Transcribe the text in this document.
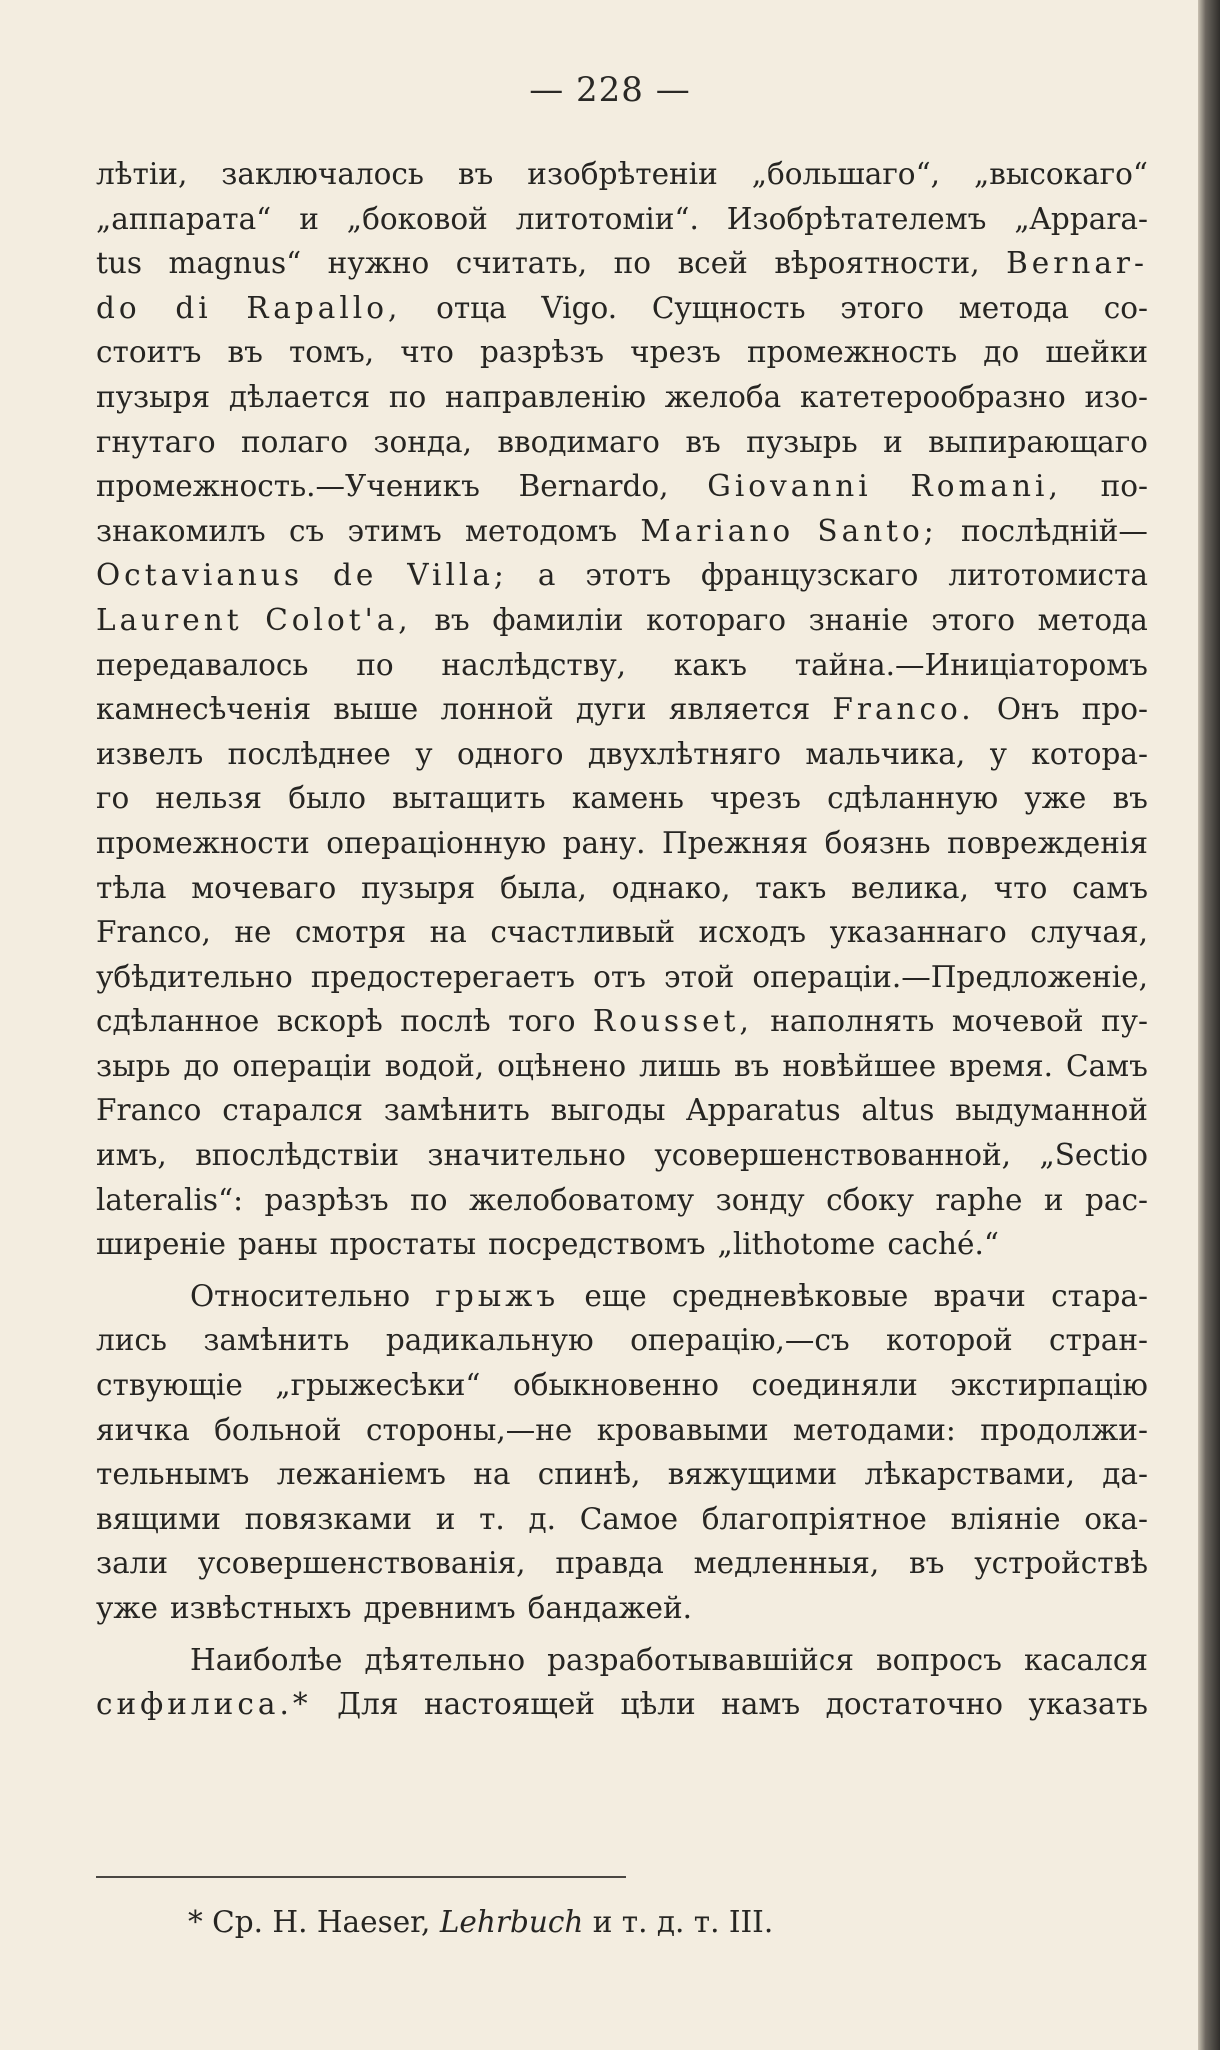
— 228 —
лѣтіи, заключалось въ изобрѣтеніи „большаго“, „высокаго“
„аппарата“ и „боковой литотоміи“. Изобрѣтателемъ „Appara-
tus magnus“ нужно считать, по всей вѣроятности, Bernar-
do di Rapallo, отца Vigo. Сущность этого метода со-
стоитъ въ томъ, что разрѣзъ чрезъ промежность до шейки
пузыря дѣлается по направленію желоба катетерообразно изо-
гнутаго полаго зонда, вводимаго въ пузырь и выпирающаго
промежность.—Ученикъ Bernardo, Giovanni Romani, по-
знакомилъ съ этимъ методомъ Mariano Santo; послѣдній—
Octavianus de Villa; а этотъ французскаго литотомиста
Laurent Colot'a, въ фамиліи котораго знаніе этого метода
передавалось по наслѣдству, какъ тайна.—Иниціаторомъ
камнесѣченія выше лонной дуги является Franco. Онъ про-
извелъ послѣднее у одного двухлѣтняго мальчика, у котора-
го нельзя было вытащить камень чрезъ сдѣланную уже въ
промежности операціонную рану. Прежняя боязнь поврежденія
тѣла мочеваго пузыря была, однако, такъ велика, что самъ
Franco, не смотря на счастливый исходъ указаннаго случая,
убѣдительно предостерегаетъ отъ этой операціи.—Предложеніе,
сдѣланное вскорѣ послѣ того Rousset, наполнять мочевой пу-
зырь до операціи водой, оцѣнено лишь въ новѣйшее время. Самъ
Franco старался замѣнить выгоды Apparatus altus выдуманной
имъ, впослѣдствіи значительно усовершенствованной, „Sectio
lateralis“: разрѣзъ по желобоватому зонду сбоку raphe и рас-
ширеніе раны простаты посредствомъ „lithotome caché.“
Относительно грыжъ еще средневѣковые врачи стара-
лись замѣнить радикальную операцію,—съ которой стран-
ствующіе „грыжесѣки“ обыкновенно соединяли экстирпацію
яичка больной стороны,—не кровавыми методами: продолжи-
тельнымъ лежаніемъ на спинѣ, вяжущими лѣкарствами, да-
вящими повязками и т. д. Самое благопріятное вліяніе ока-
зали усовершенствованія, правда медленныя, въ устройствѣ
уже извѣстныхъ древнимъ бандажей.
Наиболѣе дѣятельно разработывавшійся вопросъ касался
сифилиса.* Для настоящей цѣли намъ достаточно указать
* Ср. H. Haeser, Lehrbuch и т. д. т. III.
